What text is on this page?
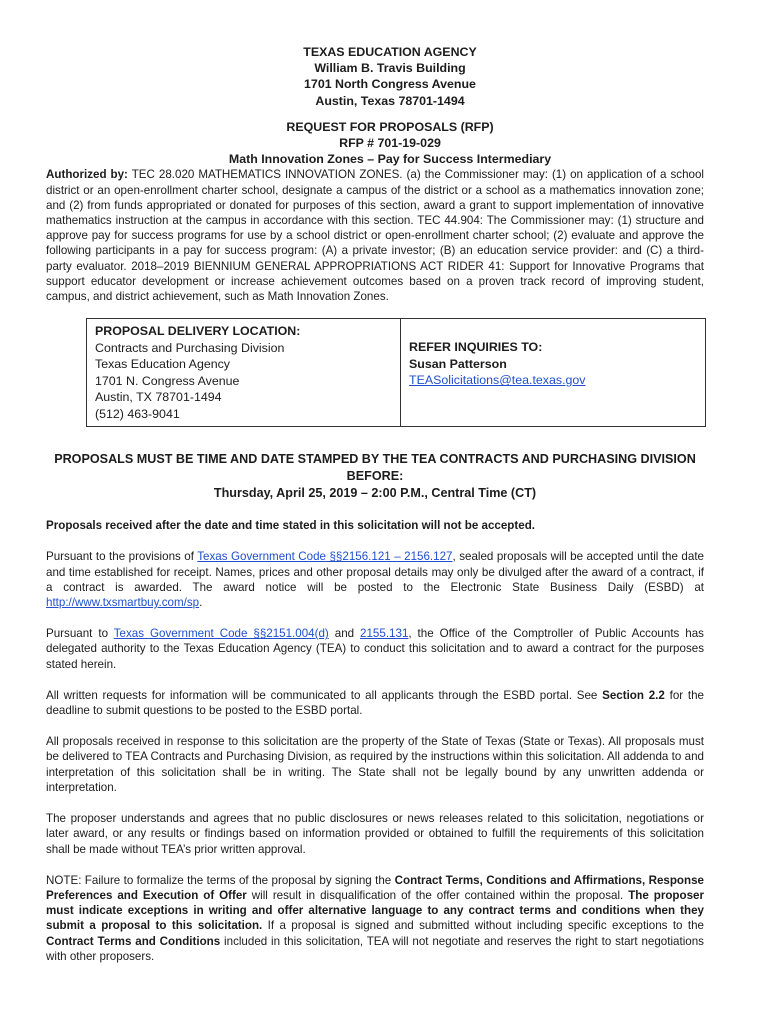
TEXAS EDUCATION AGENCY
William B. Travis Building
1701 North Congress Avenue
Austin, Texas 78701-1494
REQUEST FOR PROPOSALS (RFP)
RFP # 701-19-029
Math Innovation Zones – Pay for Success Intermediary
Authorized by: TEC 28.020 MATHEMATICS INNOVATION ZONES. (a) the Commissioner may: (1) on application of a school district or an open-enrollment charter school, designate a campus of the district or a school as a mathematics innovation zone; and (2) from funds appropriated or donated for purposes of this section, award a grant to support implementation of innovative mathematics instruction at the campus in accordance with this section. TEC 44.904: The Commissioner may: (1) structure and approve pay for success programs for use by a school district or open-enrollment charter school; (2) evaluate and approve the following participants in a pay for success program: (A) a private investor; (B) an education service provider: and (C) a third-party evaluator. 2018–2019 BIENNIUM GENERAL APPROPRIATIONS ACT RIDER 41: Support for Innovative Programs that support educator development or increase achievement outcomes based on a proven track record of improving student, campus, and district achievement, such as Math Innovation Zones.
PROPOSAL DELIVERY LOCATION:
Contracts and Purchasing Division
Texas Education Agency
1701 N. Congress Avenue
Austin, TX 78701-1494
(512) 463-9041

REFER INQUIRIES TO:
Susan Patterson
TEASolicitations@tea.texas.gov
PROPOSALS MUST BE TIME AND DATE STAMPED BY THE TEA CONTRACTS AND PURCHASING DIVISION BEFORE:
Thursday, April 25, 2019 – 2:00 P.M., Central Time (CT)
Proposals received after the date and time stated in this solicitation will not be accepted.

Pursuant to the provisions of Texas Government Code §§2156.121 – 2156.127, sealed proposals will be accepted until the date and time established for receipt. Names, prices and other proposal details may only be divulged after the award of a contract, if a contract is awarded. The award notice will be posted to the Electronic State Business Daily (ESBD) at http://www.txsmartbuy.com/sp.

Pursuant to Texas Government Code §§2151.004(d) and 2155.131, the Office of the Comptroller of Public Accounts has delegated authority to the Texas Education Agency (TEA) to conduct this solicitation and to award a contract for the purposes stated herein.

All written requests for information will be communicated to all applicants through the ESBD portal. See Section 2.2 for the deadline to submit questions to be posted to the ESBD portal.

All proposals received in response to this solicitation are the property of the State of Texas (State or Texas). All proposals must be delivered to TEA Contracts and Purchasing Division, as required by the instructions within this solicitation. All addenda to and interpretation of this solicitation shall be in writing. The State shall not be legally bound by any unwritten addenda or interpretation.

The proposer understands and agrees that no public disclosures or news releases related to this solicitation, negotiations or later award, or any results or findings based on information provided or obtained to fulfill the requirements of this solicitation shall be made without TEA’s prior written approval.

NOTE: Failure to formalize the terms of the proposal by signing the Contract Terms, Conditions and Affirmations, Response Preferences and Execution of Offer will result in disqualification of the offer contained within the proposal. The proposer must indicate exceptions in writing and offer alternative language to any contract terms and conditions when they submit a proposal to this solicitation. If a proposal is signed and submitted without including specific exceptions to the Contract Terms and Conditions included in this solicitation, TEA will not negotiate and reserves the right to start negotiations with other proposers.
